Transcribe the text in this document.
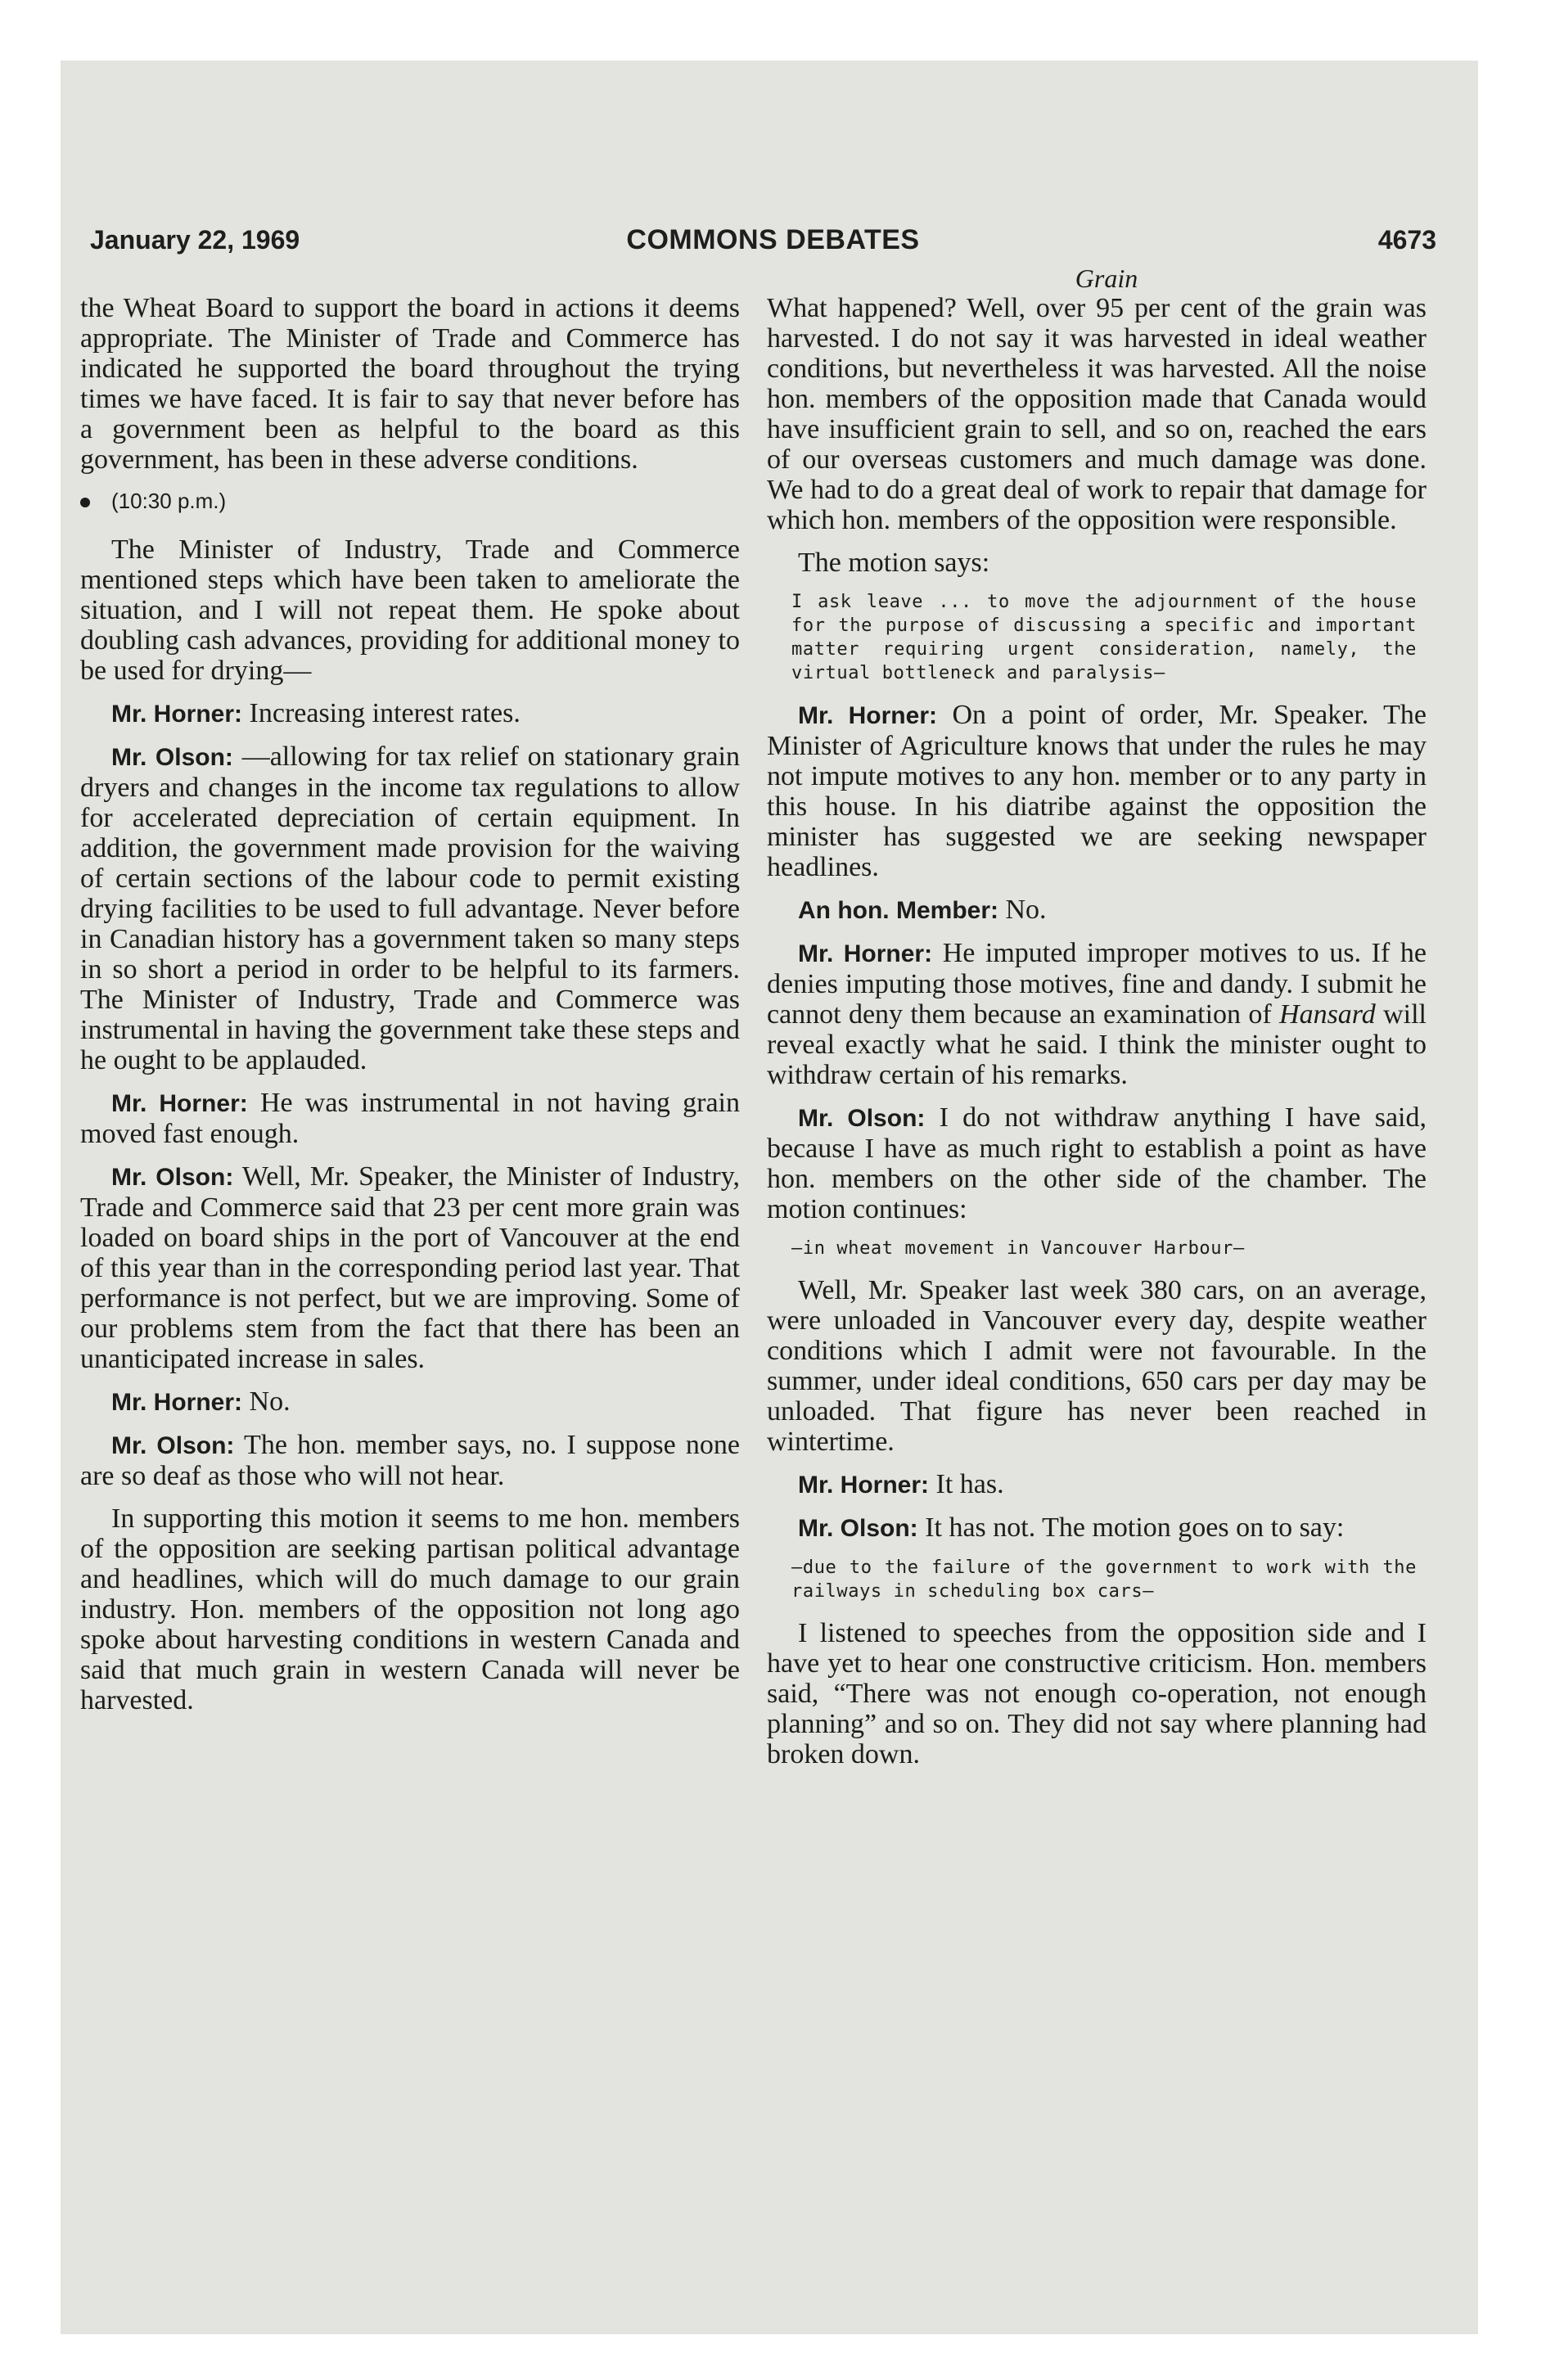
January 22, 1969	COMMONS DEBATES	4673
Grain

the Wheat Board to support the board in actions it deems appropriate. The Minister of Trade and Commerce has indicated he supported the board throughout the trying times we have faced. It is fair to say that never before has a government been as helpful to the board as this government, has been in these adverse conditions.

(10:30 p.m.)

The Minister of Industry, Trade and Commerce mentioned steps which have been taken to ameliorate the situation, and I will not repeat them. He spoke about doubling cash advances, providing for additional money to be used for drying—

Mr. Horner: Increasing interest rates.

Mr. Olson: —allowing for tax relief on stationary grain dryers and changes in the income tax regulations to allow for accelerated depreciation of certain equipment. In addition, the government made provision for the waiving of certain sections of the labour code to permit existing drying facilities to be used to full advantage. Never before in Canadian history has a government taken so many steps in so short a period in order to be helpful to its farmers. The Minister of Industry, Trade and Commerce was instrumental in having the government take these steps and he ought to be applauded.

Mr. Horner: He was instrumental in not having grain moved fast enough.

Mr. Olson: Well, Mr. Speaker, the Minister of Industry, Trade and Commerce said that 23 per cent more grain was loaded on board ships in the port of Vancouver at the end of this year than in the corresponding period last year. That performance is not perfect, but we are improving. Some of our problems stem from the fact that there has been an unanticipated increase in sales.

Mr. Horner: No.

Mr. Olson: The hon. member says, no. I suppose none are so deaf as those who will not hear.

In supporting this motion it seems to me hon. members of the opposition are seeking partisan political advantage and headlines, which will do much damage to our grain industry. Hon. members of the opposition not long ago spoke about harvesting conditions in western Canada and said that much grain in western Canada will never be harvested.

What happened? Well, over 95 per cent of the grain was harvested. I do not say it was harvested in ideal weather conditions, but nevertheless it was harvested. All the noise hon. members of the opposition made that Canada would have insufficient grain to sell, and so on, reached the ears of our overseas customers and much damage was done. We had to do a great deal of work to repair that damage for which hon. members of the opposition were responsible.

The motion says:

I ask leave ... to move the adjournment of the house for the purpose of discussing a specific and important matter requiring urgent consideration, namely, the virtual bottleneck and paralysis—

Mr. Horner: On a point of order, Mr. Speaker. The Minister of Agriculture knows that under the rules he may not impute motives to any hon. member or to any party in this house. In his diatribe against the opposition the minister has suggested we are seeking newspaper headlines.

An hon. Member: No.

Mr. Horner: He imputed improper motives to us. If he denies imputing those motives, fine and dandy. I submit he cannot deny them because an examination of Hansard will reveal exactly what he said. I think the minister ought to withdraw certain of his remarks.

Mr. Olson: I do not withdraw anything I have said, because I have as much right to establish a point as have hon. members on the other side of the chamber. The motion continues:

—in wheat movement in Vancouver Harbour—

Well, Mr. Speaker last week 380 cars, on an average, were unloaded in Vancouver every day, despite weather conditions which I admit were not favourable. In the summer, under ideal conditions, 650 cars per day may be unloaded. That figure has never been reached in wintertime.

Mr. Horner: It has.

Mr. Olson: It has not. The motion goes on to say:

—due to the failure of the government to work with the railways in scheduling box cars—

I listened to speeches from the opposition side and I have yet to hear one constructive criticism. Hon. members said, “There was not enough co-operation, not enough planning” and so on. They did not say where planning had broken down.
